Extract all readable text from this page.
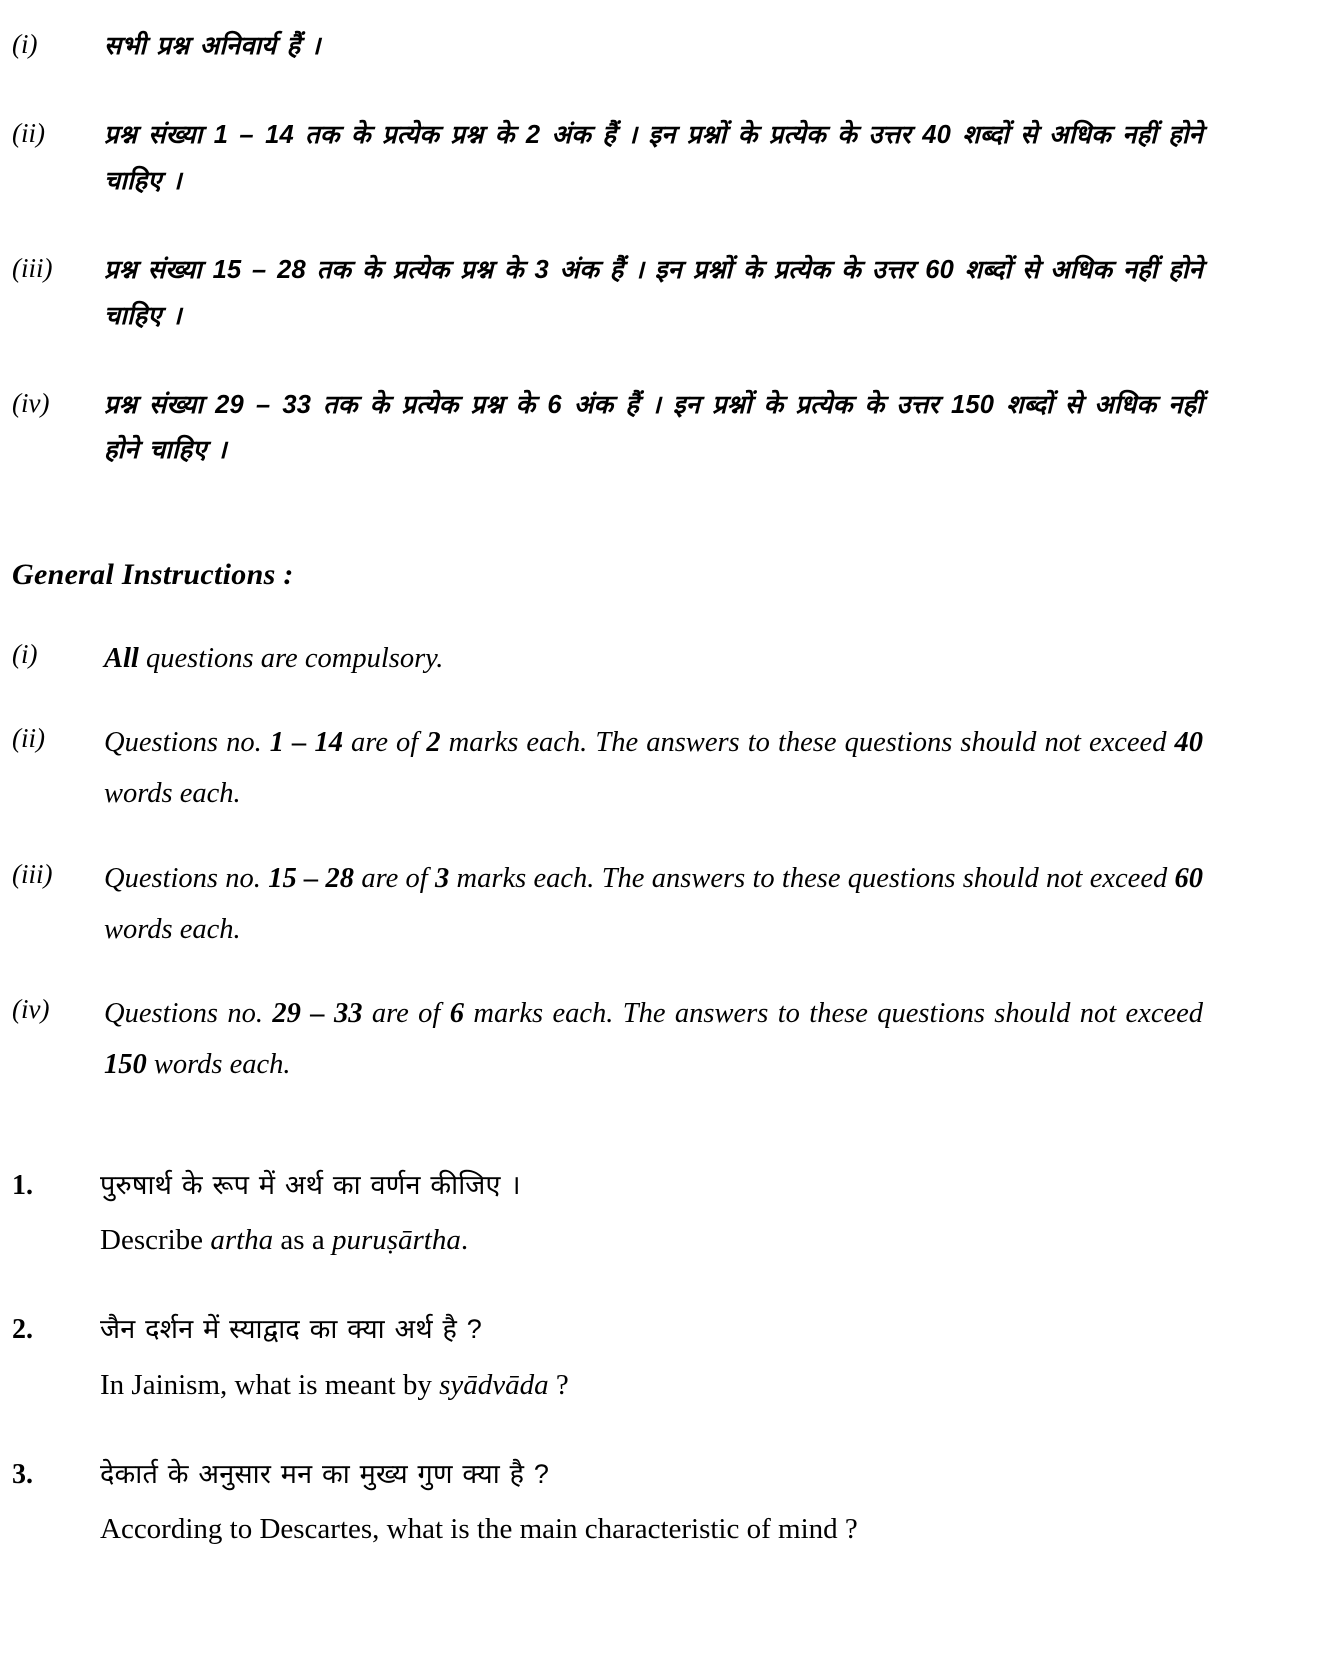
(i)	सभी प्रश्न अनिवार्य हैं ।
(ii)	प्रश्न संख्या 1 – 14 तक के प्रत्येक प्रश्न के 2 अंक हैं । इन प्रश्नों के प्रत्येक के उत्तर 40 शब्दों से अधिक नहीं होने चाहिए ।
(iii)	प्रश्न संख्या 15 – 28 तक के प्रत्येक प्रश्न के 3 अंक हैं । इन प्रश्नों के प्रत्येक के उत्तर 60 शब्दों से अधिक नहीं होने चाहिए ।
(iv)	प्रश्न संख्या 29 – 33 तक के प्रत्येक प्रश्न के 6 अंक हैं । इन प्रश्नों के प्रत्येक के उत्तर 150 शब्दों से अधिक नहीं होने चाहिए ।
General Instructions :
(i)	All questions are compulsory.
(ii)	Questions no. 1 – 14 are of 2 marks each. The answers to these questions should not exceed 40 words each.
(iii)	Questions no. 15 – 28 are of 3 marks each. The answers to these questions should not exceed 60 words each.
(iv)	Questions no. 29 – 33 are of 6 marks each. The answers to these questions should not exceed 150 words each.
1.	पुरुषार्थ के रूप में अर्थ का वर्णन कीजिए ।
Describe artha as a puruṣārtha.
2.	जैन दर्शन में स्याद्वाद का क्या अर्थ है ?
In Jainism, what is meant by syādvāda ?
3.	देकार्त के अनुसार मन का मुख्य गुण क्या है ?
According to Descartes, what is the main characteristic of mind ?
